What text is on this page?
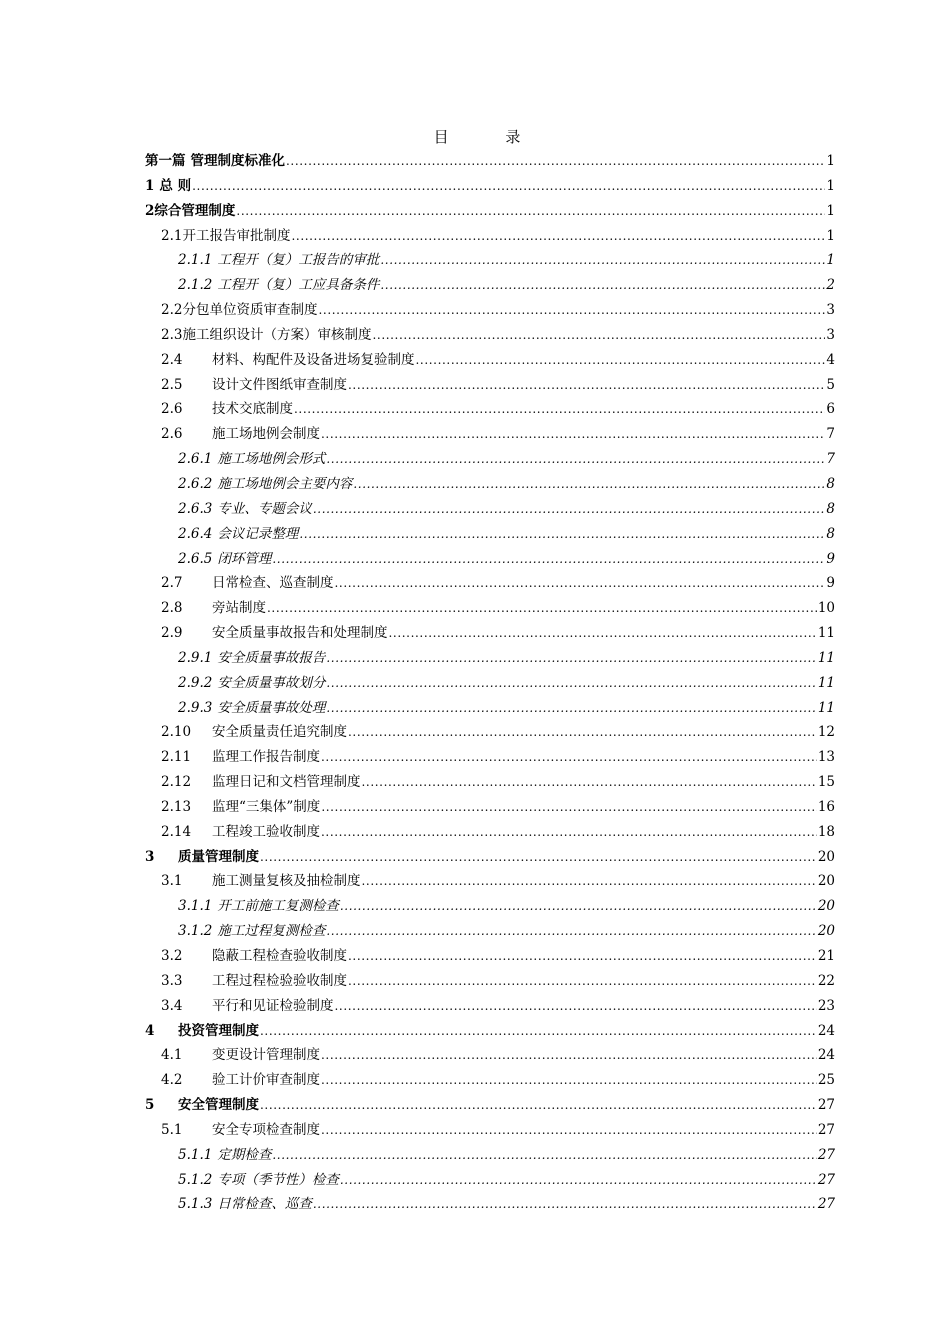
目 录
第一篇 管理制度标准化 .....	1
1 总 则 .....	1
2 综合管理制度 .....	1
2.1 开工报告审批制度 .....	1
2.1.1 工程开（复）工报告的审批 .....	1
2.1.2 工程开（复）工应具备条件 .....	2
2.2 分包单位资质审查制度 .....	3
2.3 施工组织设计（方案）审核制度 .....	3
2.4	材料、构配件及设备进场复验制度 .....	4
2.5	设计文件图纸审查制度 .....	5
2.6	技术交底制度 .....	6
2.6	施工场地例会制度 .....	7
2.6.1 施工场地例会形式 .....	7
2.6.2 施工场地例会主要内容 .....	8
2.6.3 专业、专题会议 .....	8
2.6.4 会议记录整理 .....	8
2.6.5 闭环管理 .....	9
2.7	日常检查、巡查制度 .....	9
2.8	旁站制度 .....	10
2.9	安全质量事故报告和处理制度 .....	11
2.9.1 安全质量事故报告 .....	11
2.9.2 安全质量事故划分 .....	11
2.9.3 安全质量事故处理 .....	11
2.10	安全质量责任追究制度 .....	12
2.11	监理工作报告制度 .....	13
2.12	监理日记和文档管理制度 .....	15
2.13	监理“三集体”制度 .....	16
2.14	工程竣工验收制度 .....	18
3	质量管理制度 .....	20
3.1	施工测量复核及抽检制度 .....	20
3.1.1 开工前施工复测检查 .....	20
3.1.2 施工过程复测检查 .....	20
3.2	隐蔽工程检查验收制度 .....	21
3.3	工程过程检验验收制度 .....	22
3.4	平行和见证检验制度 .....	23
4	投资管理制度 .....	24
4.1	变更设计管理制度 .....	24
4.2	验工计价审查制度 .....	25
5	安全管理制度 .....	27
5.1	安全专项检查制度 .....	27
5.1.1 定期检查 .....	27
5.1.2 专项（季节性）检查 .....	27
5.1.3 日常检查、巡查 .....	27
